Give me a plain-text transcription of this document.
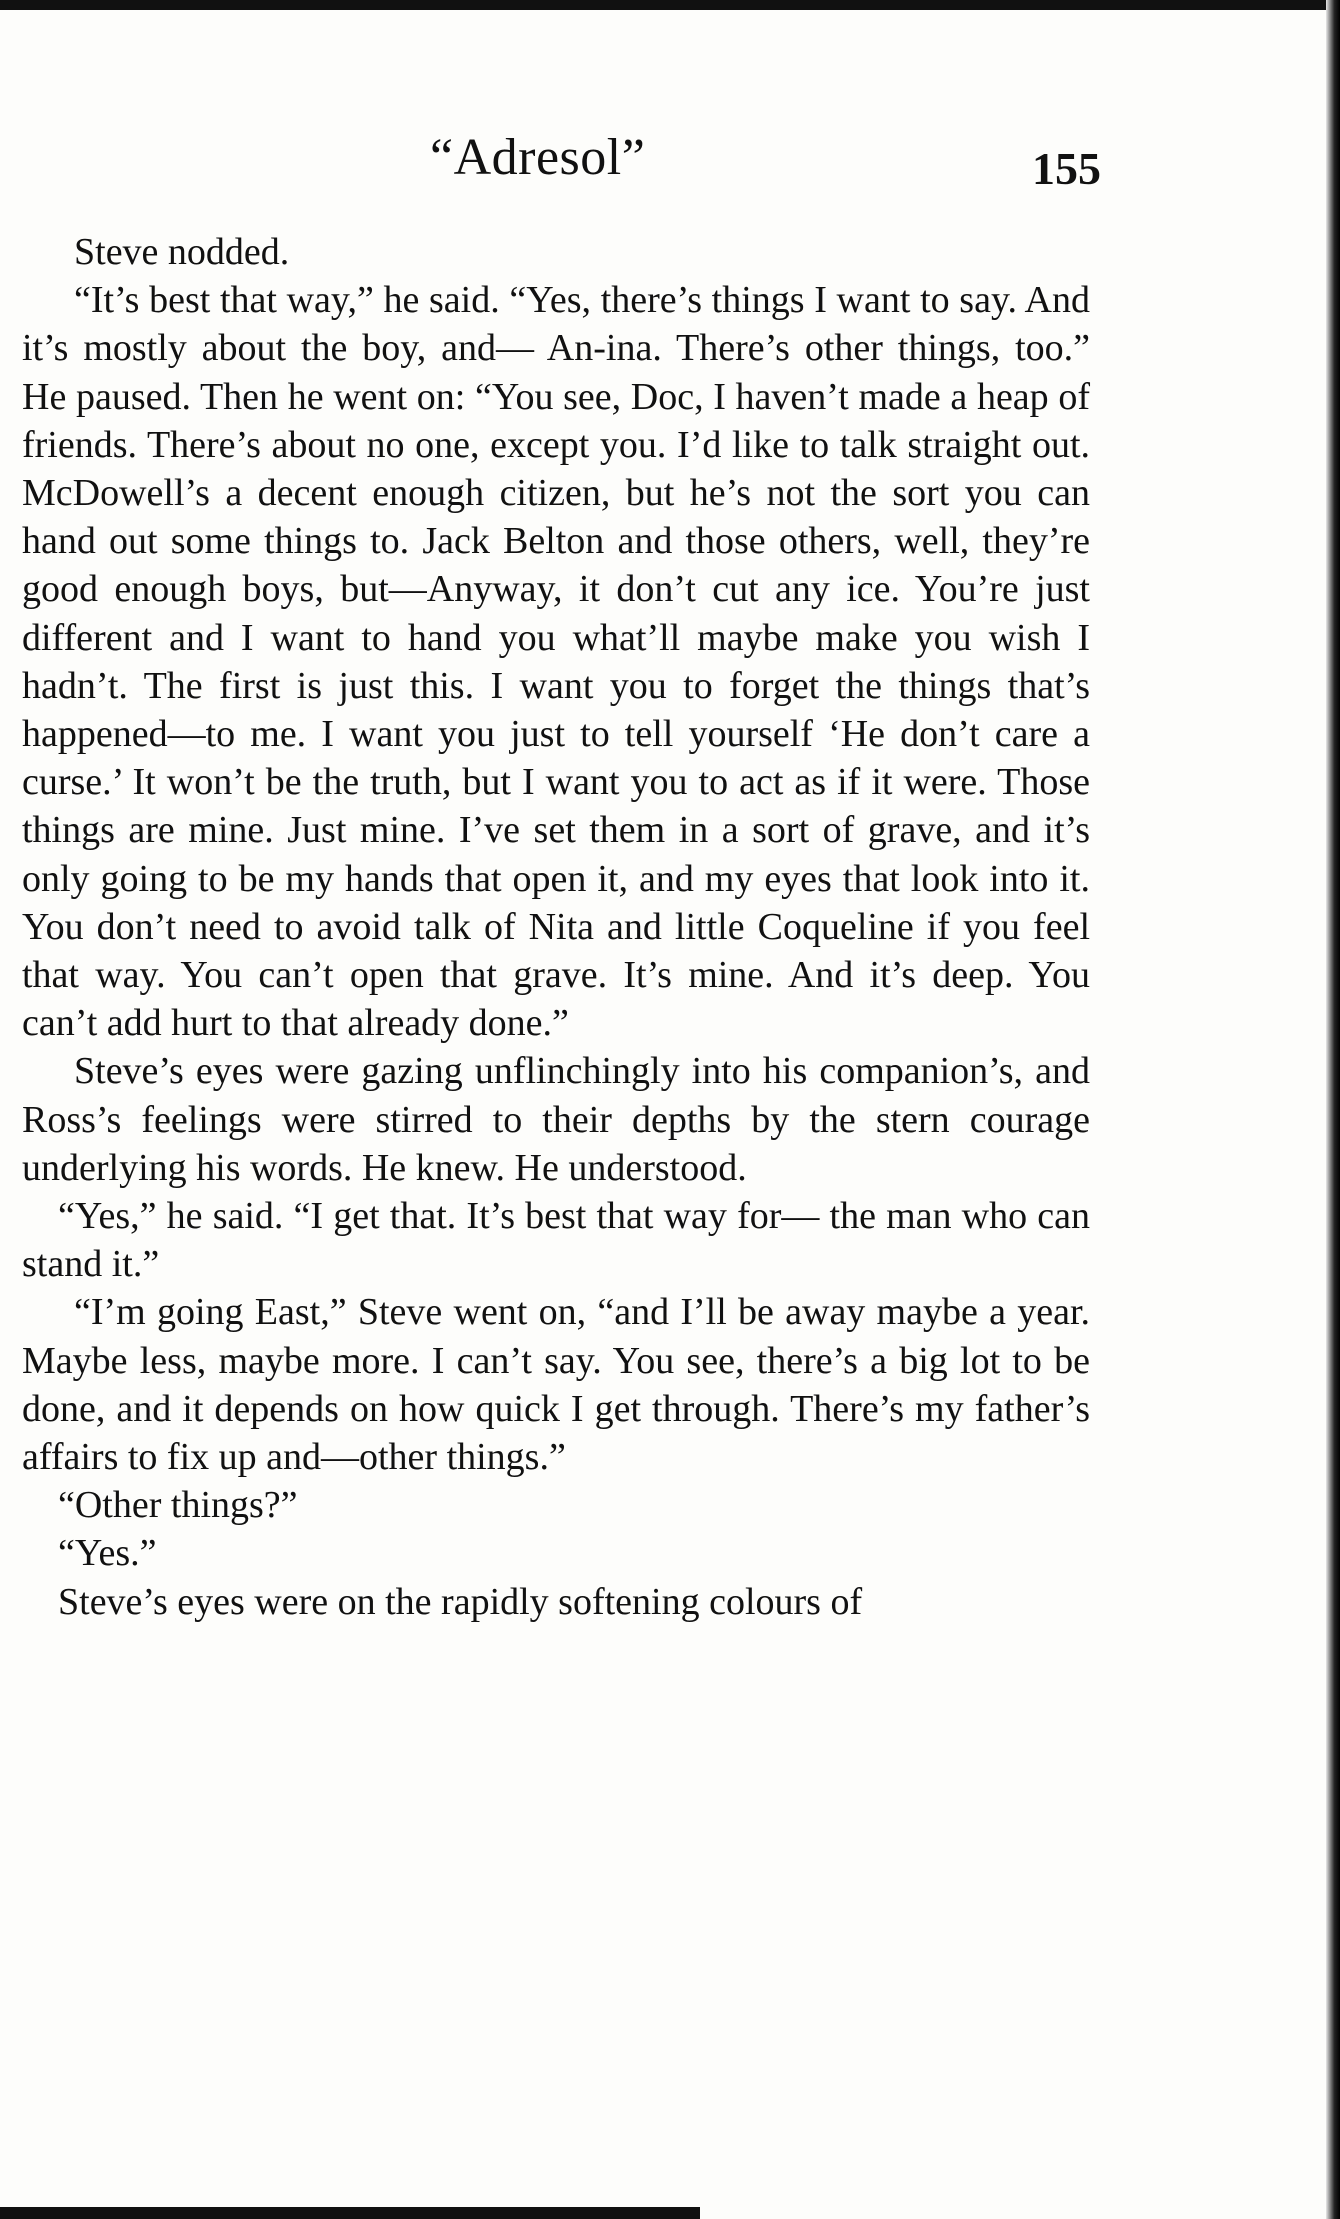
“Adresol”	155

Steve nodded.

“It’s best that way,” he said. “Yes, there’s things I want to say. And it’s mostly about the boy, and— An-ina. There’s other things, too.” He paused. Then he went on: “You see, Doc, I haven’t made a heap of friends. There’s about no one, except you. I’d like to talk straight out. McDowell’s a decent enough citizen, but he’s not the sort you can hand out some things to. Jack Belton and those others, well, they’re good enough boys, but—Anyway, it don’t cut any ice. You’re just different and I want to hand you what’ll maybe make you wish I hadn’t. The first is just this. I want you to forget the things that’s happened—to me. I want you just to tell yourself ‘He don’t care a curse.’ It won’t be the truth, but I want you to act as if it were. Those things are mine. Just mine. I’ve set them in a sort of grave, and it’s only going to be my hands that open it, and my eyes that look into it. You don’t need to avoid talk of Nita and little Coqueline if you feel that way. You can’t open that grave. It’s mine. And it’s deep. You can’t add hurt to that already done.”

Steve’s eyes were gazing unflinchingly into his companion’s, and Ross’s feelings were stirred to their depths by the stern courage underlying his words. He knew. He understood.

“Yes,” he said. “I get that. It’s best that way for— the man who can stand it.”

“I’m going East,” Steve went on, “and I’ll be away maybe a year. Maybe less, maybe more. I can’t say. You see, there’s a big lot to be done, and it depends on how quick I get through. There’s my father’s affairs to fix up and—other things.”

“Other things?”

“Yes.”

Steve’s eyes were on the rapidly softening colours of
